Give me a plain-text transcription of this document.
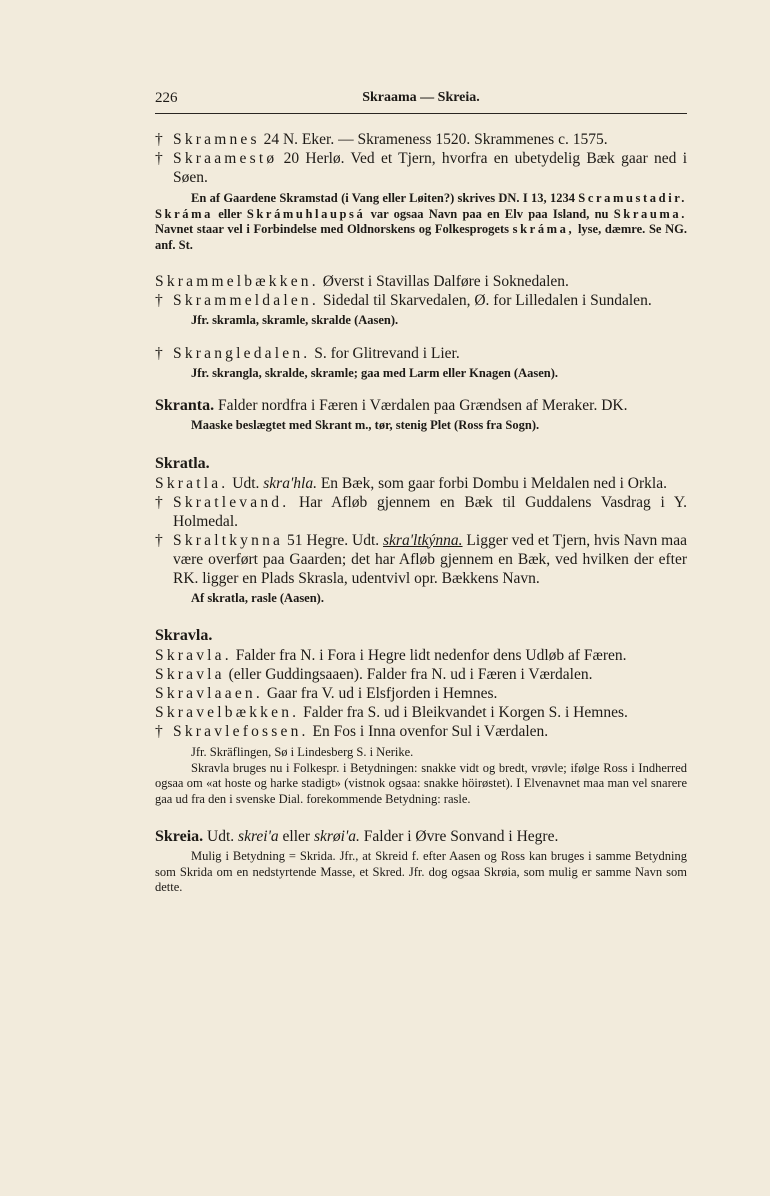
226	Skraama — Skreia.

† Skramnes 24 N. Eker. — Skrameness 1520. Skrammenes c. 1575.

† Skraamestø 20 Herlø. Ved et Tjern, hvorfra en ubetydelig Bæk gaar ned i Søen.

En af Gaardene Skramstad (i Vang eller Løiten?) skrives DN. I 13, 1234 Scramustadir. Skráma eller Skrámuhlaupsá var ogsaa Navn paa en Elv paa Island, nu Skrauma. Navnet staar vel i Forbindelse med Oldnorskens og Folkesprogets skráma, lyse, dæmre. Se NG. anf. St.

Skrammelbækken. Øverst i Stavillas Dalføre i Soknedalen.

† Skrammeldalen. Sidedal til Skarvedalen, Ø. for Lilledalen i Sundalen.

Jfr. skramla, skramle, skralde (Aasen).

† Skrangledalen. S. for Glitrevand i Lier.

Jfr. skrangla, skralde, skramle; gaa med Larm eller Knagen (Aasen).

Skranta. Falder nordfra i Færen i Værdalen paa Grændsen af Meraker. DK.

Maaske beslægtet med Skrant m., tør, stenig Plet (Ross fra Sogn).

Skratla.

Skratla. Udt. skra'hla. En Bæk, som gaar forbi Dombu i Meldalen ned i Orkla.

† Skratlevand. Har Afløb gjennem en Bæk til Guddalens Vasdrag i Y. Holmedal.

† Skraltkynna 51 Hegre. Udt. skra'ltkýnna. Ligger ved et Tjern, hvis Navn maa være overført paa Gaarden; det har Afløb gjennem en Bæk, ved hvilken der efter RK. ligger en Plads Skrasla, udentvivl opr. Bækkens Navn.

Af skratla, rasle (Aasen).

Skravla.

Skravla. Falder fra N. i Fora i Hegre lidt nedenfor dens Udløb af Færen.

Skravla (eller Guddingsaaen). Falder fra N. ud i Færen i Værdalen.

Skravlaaen. Gaar fra V. ud i Elsfjorden i Hemnes.

Skravelbækken. Falder fra S. ud i Bleikvandet i Korgen S. i Hemnes.

† Skravlefossen. En Fos i Inna ovenfor Sul i Værdalen.

Jfr. Skräflingen, Sø i Lindesberg S. i Nerike.

Skravla bruges nu i Folkespr. i Betydningen: snakke vidt og bredt, vrøvle; ifølge Ross i Indherred ogsaa om «at hoste og harke stadigt» (vistnok ogsaa: snakke höirøstet). I Elvenavnet maa man vel snarere gaa ud fra den i svenske Dial. forekommende Betydning: rasle.

Skreia. Udt. skrei'a eller skrøi'a. Falder i Øvre Sonvand i Hegre.

Mulig i Betydning = Skrida. Jfr., at Skreid f. efter Aasen og Ross kan bruges i samme Betydning som Skrida om en nedstyrtende Masse, et Skred. Jfr. dog ogsaa Skrøia, som mulig er samme Navn som dette.
